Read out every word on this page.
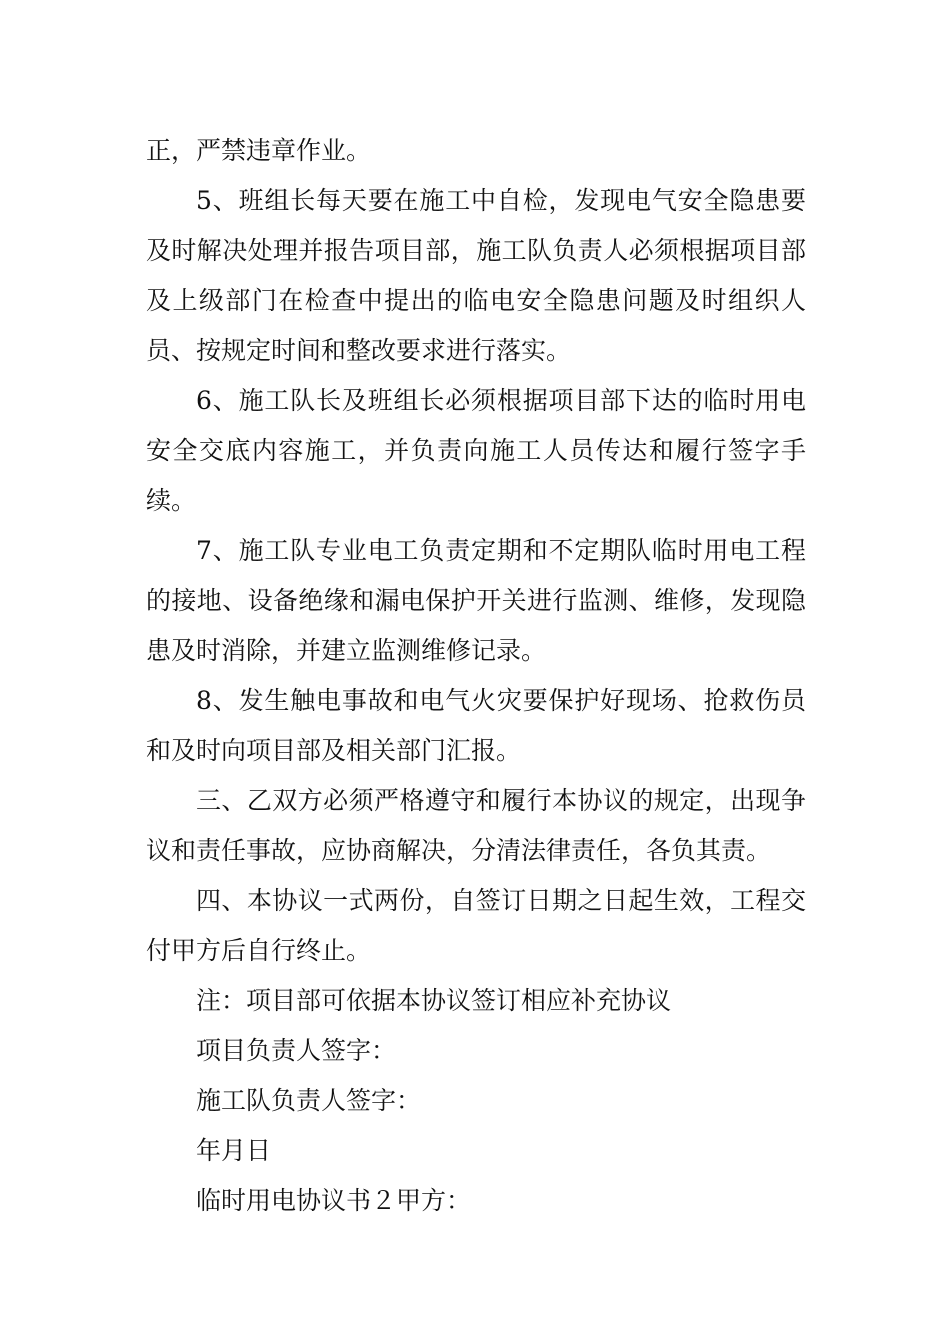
正，严禁违章作业。

5、班组长每天要在施工中自检，发现电气安全隐患要及时解决处理并报告项目部，施工队负责人必须根据项目部及上级部门在检查中提出的临电安全隐患问题及时组织人员、按规定时间和整改要求进行落实。

6、施工队长及班组长必须根据项目部下达的临时用电安全交底内容施工，并负责向施工人员传达和履行签字手续。

7、施工队专业电工负责定期和不定期队临时用电工程的接地、设备绝缘和漏电保护开关进行监测、维修，发现隐患及时消除，并建立监测维修记录。

8、发生触电事故和电气火灾要保护好现场、抢救伤员和及时向项目部及相关部门汇报。

三、乙双方必须严格遵守和履行本协议的规定，出现争议和责任事故，应协商解决，分清法律责任，各负其责。

四、本协议一式两份，自签订日期之日起生效，工程交付甲方后自行终止。

注：项目部可依据本协议签订相应补充协议

项目负责人签字：

施工队负责人签字：

年月日

临时用电协议书２甲方：
